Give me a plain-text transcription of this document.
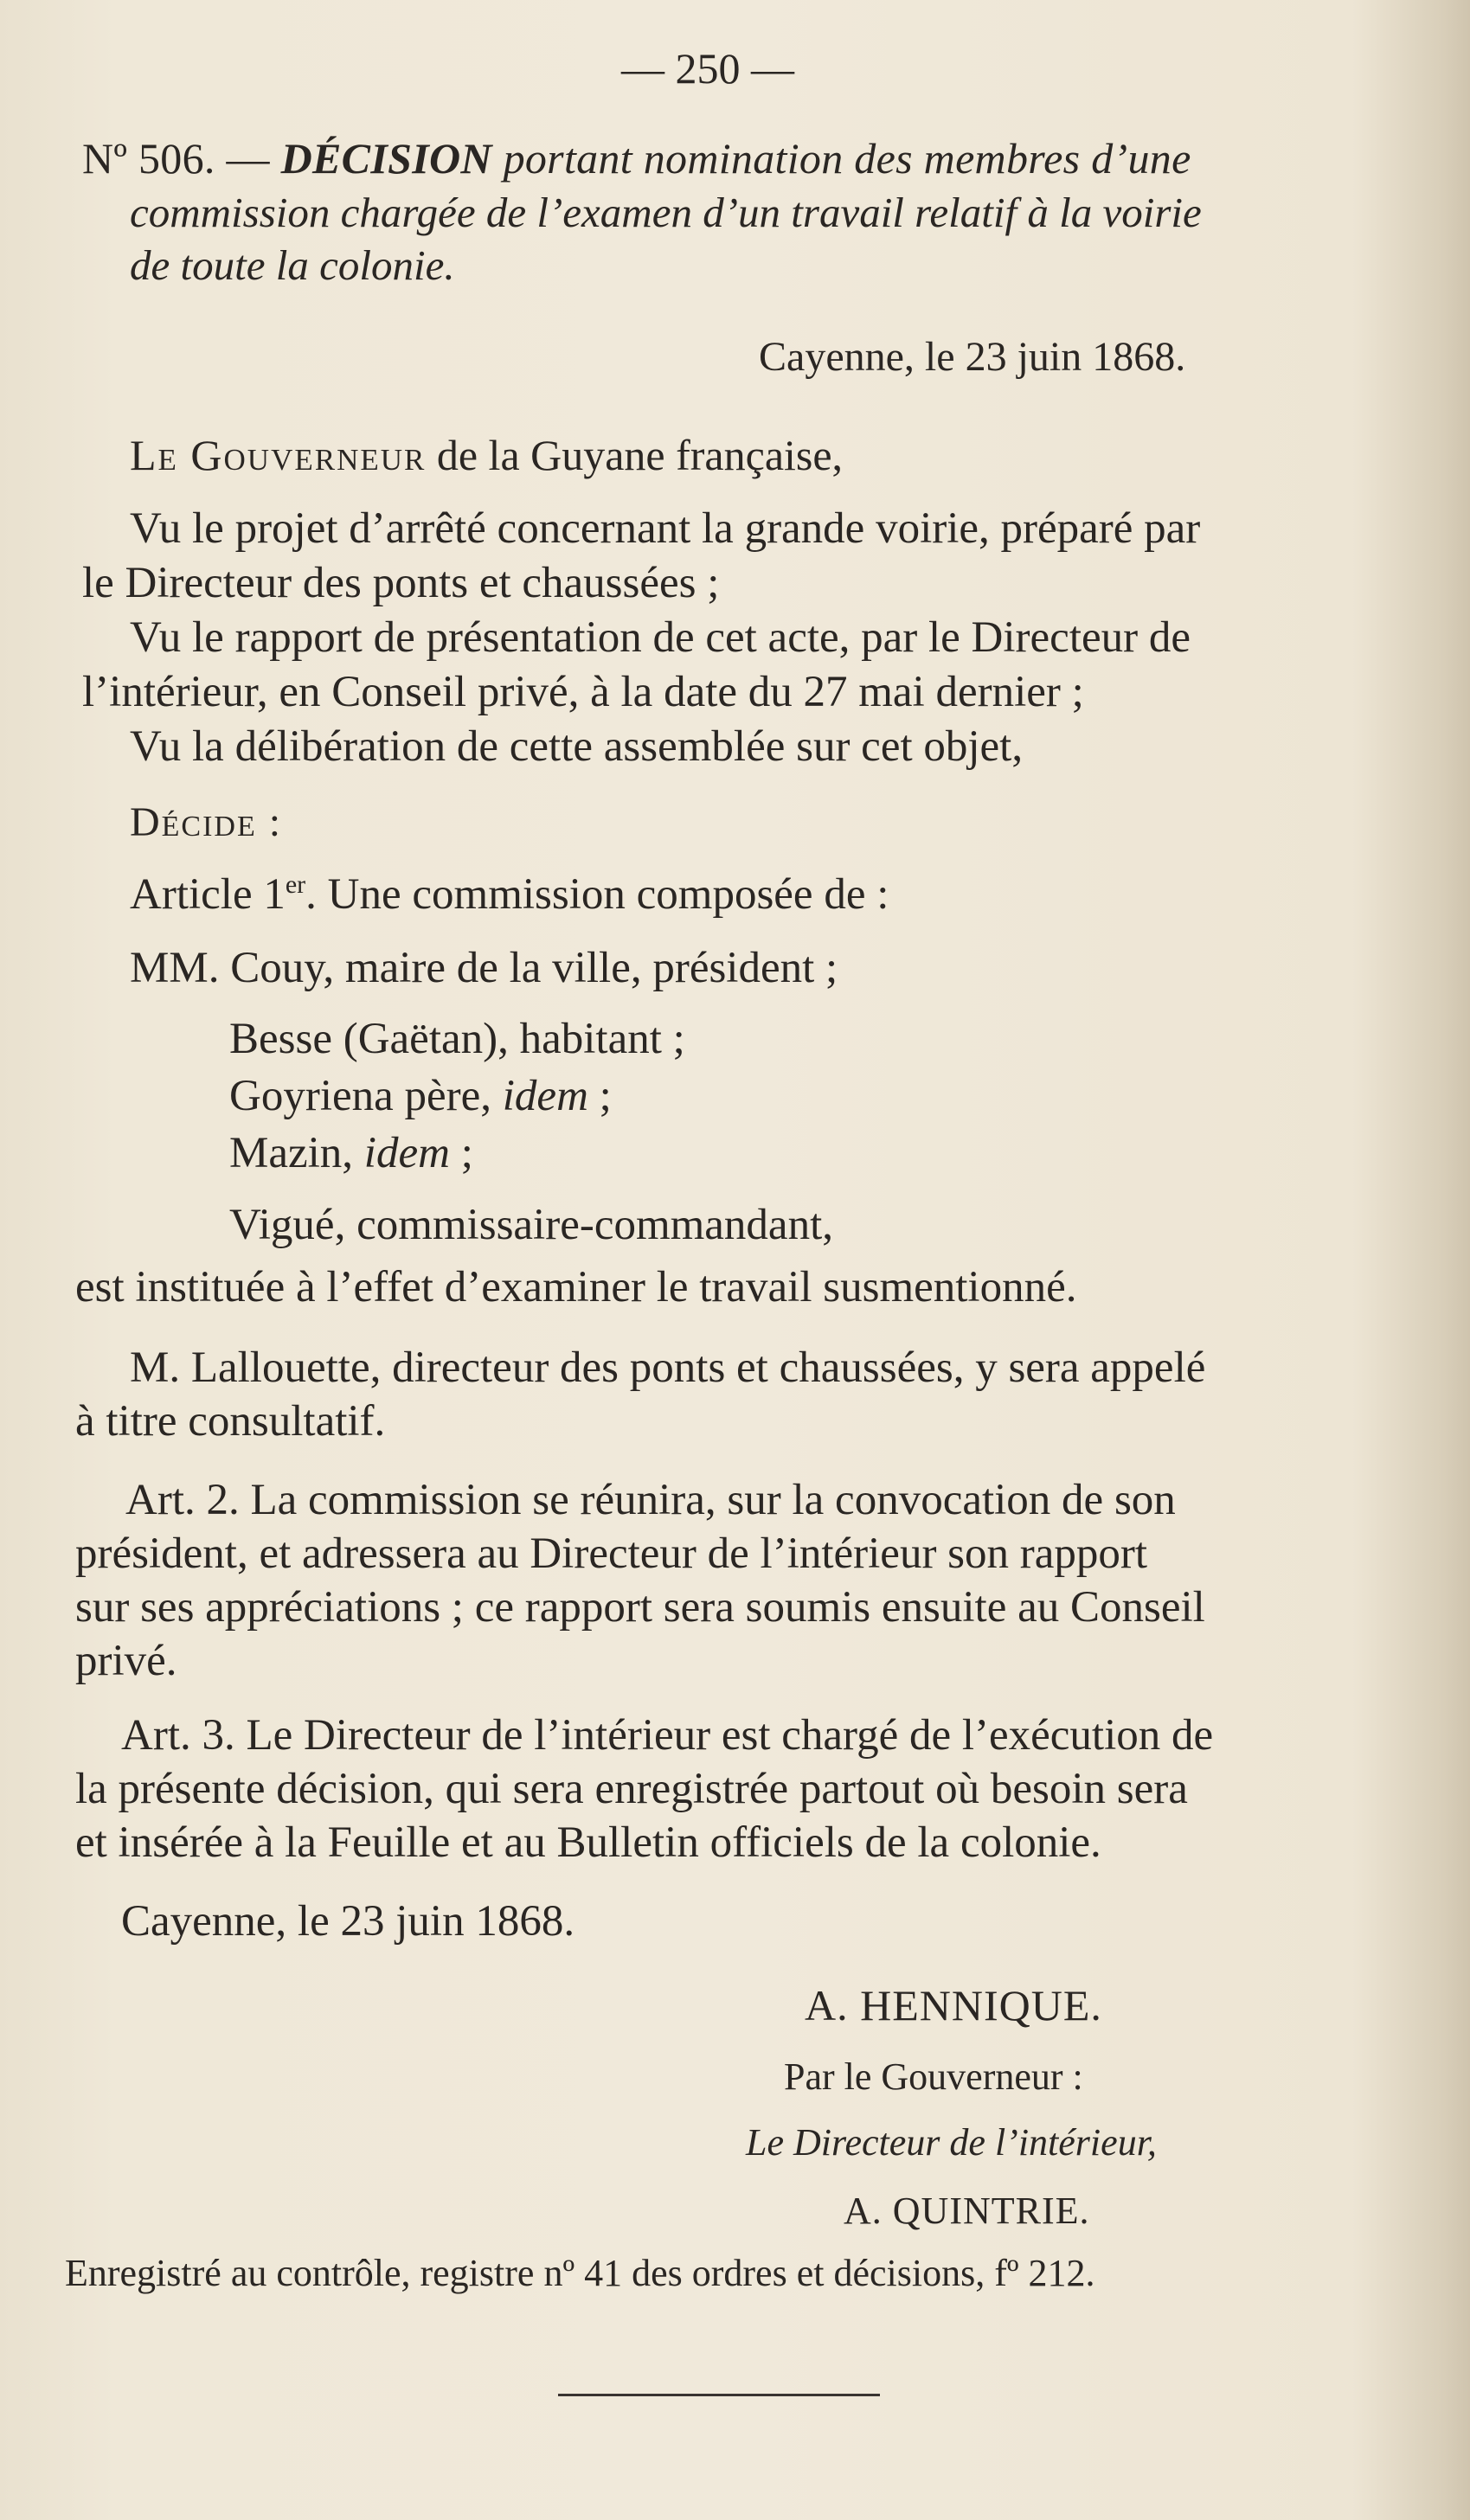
— 250 —
Nº 506. — DÉCISION portant nomination des membres d’une
commission chargée de l’examen d’un travail relatif à la voirie
de toute la colonie.
Cayenne, le 23 juin 1868.
Le Gouverneur de la Guyane française,
Vu le projet d’arrêté concernant la grande voirie, préparé par
le Directeur des ponts et chaussées ;
Vu le rapport de présentation de cet acte, par le Directeur de
l’intérieur, en Conseil privé, à la date du 27 mai dernier ;
Vu la délibération de cette assemblée sur cet objet,
Décide :
Article 1er. Une commission composée de :
MM. Couy, maire de la ville, président ;
Besse (Gaëtan), habitant ;
Goyriena père, idem ;
Mazin, idem ;
Vigué, commissaire-commandant,
est instituée à l’effet d’examiner le travail susmentionné.
M. Lallouette, directeur des ponts et chaussées, y sera appelé
à titre consultatif.
Art. 2. La commission se réunira, sur la convocation de son
président, et adressera au Directeur de l’intérieur son rapport
sur ses appréciations ; ce rapport sera soumis ensuite au Conseil
privé.
Art. 3. Le Directeur de l’intérieur est chargé de l’exécution de
la présente décision, qui sera enregistrée partout où besoin sera
et insérée à la Feuille et au Bulletin officiels de la colonie.
Cayenne, le 23 juin 1868.
A. HENNIQUE.
Par le Gouverneur :
Le Directeur de l’intérieur,
A. QUINTRIE.
Enregistré au contrôle, registre nº 41 des ordres et décisions, fº 212.
